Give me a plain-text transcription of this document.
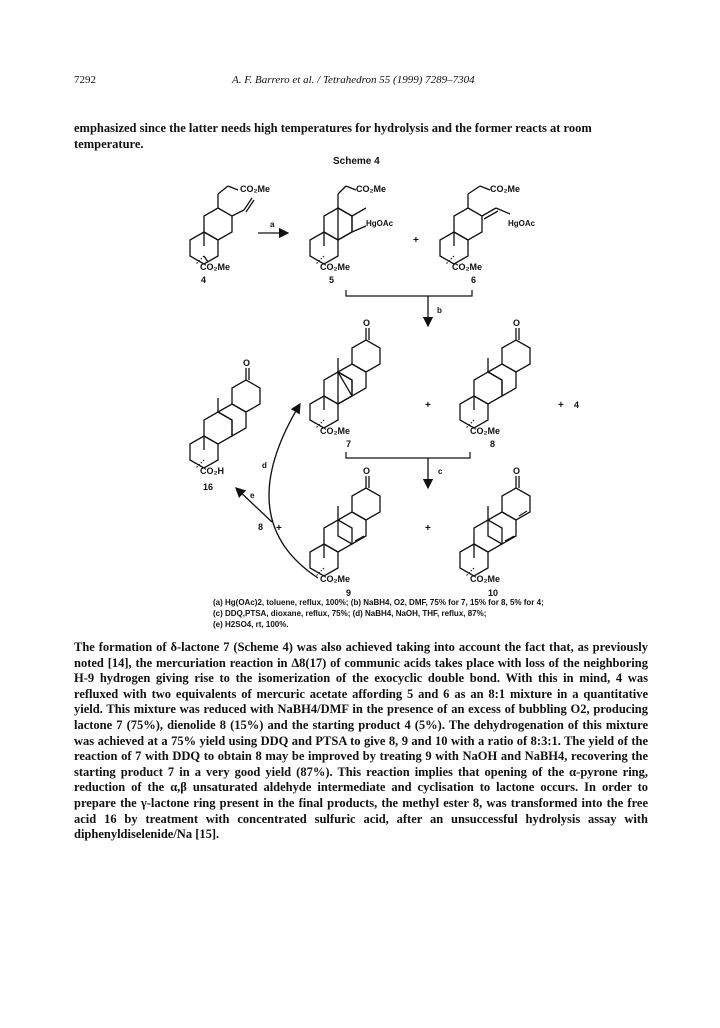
7292	A. F. Barrero et al. / Tetrahedron 55 (1999) 7289–7304
emphasized since the latter needs high temperatures for hydrolysis and the former reacts at room temperature.
Scheme 4
CO₂Me
CO₂Me
4
a
CO₂Me
HgOAc
CO₂Me
5
+
CO₂Me
HgOAc
CO₂Me
6
b
O
CO₂Me
7
+
O
CO₂Me
8
+ 4
O
CO₂H
16
d
c
e
8 +
O
CO₂Me
9
+
O
CO₂Me
10
(a) Hg(OAc)2, toluene, reflux, 100%; (b) NaBH4, O2, DMF, 75% for 7, 15% for 8, 5% for 4;
(c) DDQ,PTSA, dioxane, reflux, 75%; (d) NaBH4, NaOH, THF, reflux, 87%;
(e) H2SO4, rt, 100%.

The formation of δ-lactone 7 (Scheme 4) was also achieved taking into account the fact that, as previously noted [14], the mercuriation reaction in Δ8(17) of communic acids takes place with loss of the neighboring H-9 hydrogen giving rise to the isomerization of the exocyclic double bond. With this in mind, 4 was refluxed with two equivalents of mercuric acetate affording 5 and 6 as an 8:1 mixture in a quantitative yield. This mixture was reduced with NaBH4/DMF in the presence of an excess of bubbling O2, producing lactone 7 (75%), dienolide 8 (15%) and the starting product 4 (5%). The dehydrogenation of this mixture was achieved at a 75% yield using DDQ and PTSA to give 8, 9 and 10 with a ratio of 8:3:1. The yield of the reaction of 7 with DDQ to obtain 8 may be improved by treating 9 with NaOH and NaBH4, recovering the starting product 7 in a very good yield (87%). This reaction implies that opening of the α-pyrone ring, reduction of the α,β unsaturated aldehyde intermediate and cyclisation to lactone occurs. In order to prepare the γ-lactone ring present in the final products, the methyl ester 8, was transformed into the free acid 16 by treatment with concentrated sulfuric acid, after an unsuccessful hydrolysis assay with diphenyldiselenide/Na [15].
